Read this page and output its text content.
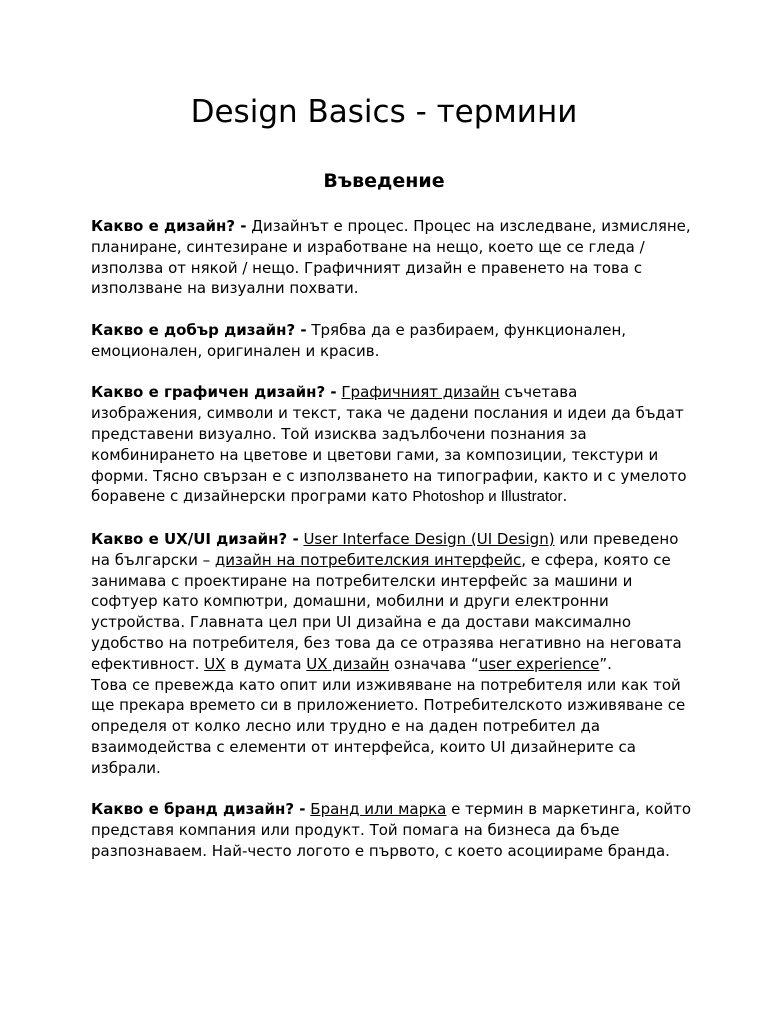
Design Basics - термини
Въведение

Какво е дизайн? - Дизайнът е процес. Процес на изследване, измисляне, планиране, синтезиране и изработване на нещо, което ще се гледа / използва от някой / нещо. Графичният дизайн е правенето на това с използване на визуални похвати.

Какво е добър дизайн? - Трябва да е разбираем, функционален, емоционален, оригинален и красив.

Какво е графичен дизайн? - Графичният дизайн съчетава изображения, символи и текст, така че дадени послания и идеи да бъдат представени визуално. Той изисква задълбочени познания за комбинирането на цветове и цветови гами, за композиции, текстури и форми. Тясно свързан е с използването на типографии, както и с умелото боравене с дизайнерски програми като Photoshop и Illustrator.

Какво е UX/UI дизайн? - User Interface Design (UI Design) или преведено на български – дизайн на потребителския интерфейс, е сфера, която се занимава с проектиране на потребителски интерфейс за машини и софтуер като компютри, домашни, мобилни и други електронни устройства. Главната цел при UI дизайна е да достави максимално удобство на потребителя, без това да се отразява негативно на неговата ефективност. UX в думата UX дизайн означава “user experience”.

Това се превежда като опит или изживяване на потребителя или как той ще прекара времето си в приложението. Потребителското изживяване се определя от колко лесно или трудно е на даден потребител да взаимодейства с елементи от интерфейса, които UI дизайнерите са избрали.

Какво е бранд дизайн? - Бранд или марка е термин в маркетинга, който представя компания или продукт. Той помага на бизнеса да бъде разпознаваем. Най-често логото е първото, с което асоциираме бранда.
